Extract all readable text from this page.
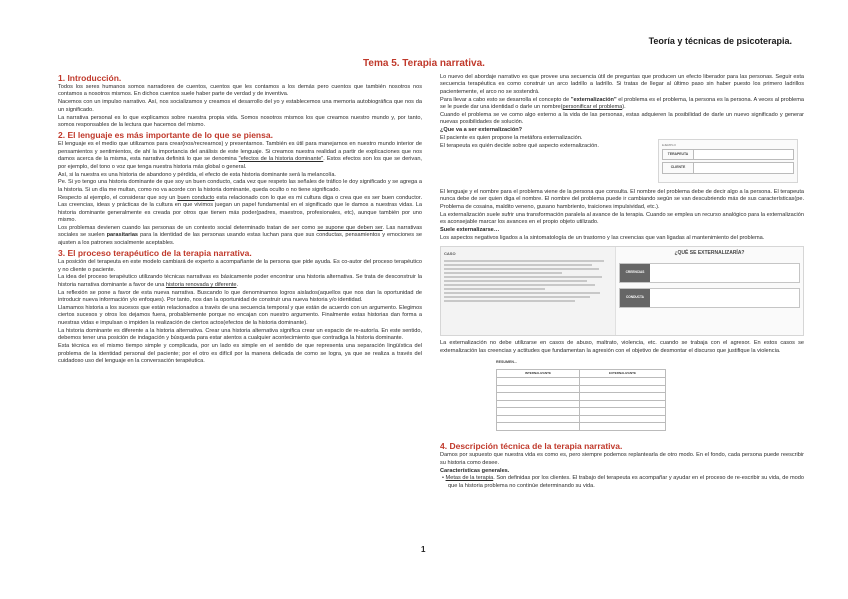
Teoría y técnicas de psicoterapia.
Tema 5. Terapia narrativa.
1. Introducción.

Todos los seres humanos somos narradores de cuentos, cuentos que les contamos a los demás pero cuentos que también nosotros nos contamos a nosotros mismos. En dichos cuentos suele haber parte de verdad y de inventiva.

Nacemos con un impulso narrativo. Así, nos socializamos y creamos el desarrollo del yo y establecemos una memoria autobiográfica que nos da un significado.

La narrativa personal es lo que explicamos sobre nuestra propia vida. Somos nosotros mismos los que creamos nuestro mundo y, por tanto, somos responsables de la lectura que hacemos del mismo.

2. El lenguaje es más importante de lo que se piensa.

El lenguaje es el medio que utilizamos para crear(nos/recrearnos) y presentarnos. También es útil para manejarnos en nuestro mundo interior de pensamientos y sentimientos, de ahí la importancia del análisis de este lenguaje. Si creamos nuestra realidad a partir de explicaciones que nos damos acerca de la misma, esta narrativa definirá lo que se denomina "efectos de la historia dominante". Estos efectos son los que se derivan, por ejemplo, del tono o voz que tenga nuestra historia más global o general.

Así, si la nuestra es una historia de abandono y pérdida, el efecto de esta historia dominante será la melancolía.

Pe. Si yo tengo una historia dominante de que soy un buen conducto, cada vez que respeto las señales de tráfico le doy significado y se agrega a la historia. Si un día me multan, como no va acorde con la historia dominante, queda oculto o no tiene significado.

Respecto al ejemplo, el considerar que soy un buen conducto esta relacionado con lo que es mi cultura diga o crea que es ser buen conductor. Las creencias, ideas y prácticas de la cultura en que vivimos juegan un papel fundamental en el significado que le damos a nuestras vidas. La historia dominante generalmente es creada por otros que tienen más poder(padres, maestros, profesionales, etc), aunque también por uno mismo.

Los problemas devienen cuando las personas de un contexto social determinado tratan de ser como se supone que deben ser. Las narrativas sociales se suelen parasitarias para la identidad de las personas usando estas luchan para que sus conductas, pensamientos y emociones se ajusten a los patrones socialmente aceptables.

3. El proceso terapéutico de la terapia narrativa.

La posición del terapeuta en este modelo cambiará de experto a acompañante de la persona que pide ayuda. Es co-autor del proceso terapéutico y no cliente o paciente.

La idea del proceso terapéutico utilizando técnicas narrativas es básicamente poder encontrar una historia alternativa. Se trata de desconstruir la historia narrativa dominante a favor de una historia renovada y diferente.

La reflexión se pone a favor de esta nueva narrativa. Buscando lo que denominamos logros aislados(aquellos que nos dan la oportunidad de introducir nueva información y/o enfoques). Por tanto, nos dan la oportunidad de construir una nueva historia y/o identidad.

Llamamos historia a los sucesos que están relacionados a través de una secuencia temporal y que están de acuerdo con un argumento. Elegimos ciertos sucesos y otros los dejamos fuera, probablemente porque no encajan con nuestro argumento. Finalmente estas historias dan forma a nuestras vidas e impulsan o impiden la realización de ciertos actos(efectos de la historia dominante).

La historia dominante es diferente a la historia alternativa. Crear una historia alternativa significa crear un espacio de re-autoría. En este sentido, debemos tener una posición de indagación y búsqueda para estar atentos a cualquier acontecimiento que contradiga la historia dominante.

Esta técnica es el mismo tiempo simple y complicada, por un lado es simple en el sentido de que representa una separación lingüística del problema de la identidad personal del paciente; por el otro es difícil por la manera delicada de como se logra, ya que se realiza a través del cuidadoso uso del lenguaje en la conversación terapéutica.

Lo nuevo del abordaje narrativo es que provee una secuencia útil de preguntas que producen un efecto liberador para las personas. Seguir esta secuencia terapéutica es como construir un arco ladrillo a ladrillo. Si tratas de llegar al último paso sin haber puesto los primero ladrillos pacientemente, el arco no se sostendrá.

Para llevar a cabo esto se desarrolla el concepto de "externalización" el problema es el problema, la persona es la persona. A veces al problema se le puede dar una identidad o darle un nombre(personificar el problema).

Cuando el problema se ve como algo externo a la vida de las personas, estas adquieren la posibilidad de darle un nuevo significado y generar nuevas posibilidades de solución.

¿Que va a ser externalización?

El paciente es quien propone la metáfora externalización.

El terapeuta es quién decide sobre qué aspecto externalización.	EJEMPLO
TERAPEUTA
CLIENTE

El lenguaje y el nombre para el problema viene de la persona que consulta. El nombre del problema debe de decir algo a la persona. El terapeuta nunca debe de ser quien diga el nombre. El nombre del problema puede ir cambiando según se van descubriendo más de sus características(pe. Problema de cosaina, maldito veneno, gusano hambriento, traiciones impulsividad, etc.).

La externalización suele sufrir una transformación paralela al avance de la terapia. Cuando se emplea un recurso analógico para la externalización es aconsejable marcar los avances en el propio objeto utilizado.

Suele externalizarse…

Los aspectos negativos ligados a la sintomatología de un trastorno y las creencias que van ligadas al mantenimiento del problema.

CASO	¿QUÉ SE EXTERNALIZARÍA?
CREENCIAS
CONDUCTA

La externalización no debe utilizarse en casos de abuso, maltrato, violencia, etc. cuando se trabaja con el agresor. En estos casos se externalización las creencias y actitudes que fundamentan la agresión con el objetivo de desmontar el discurso que justifique la violencia.

RESUMEN...
INTERNALIZANTE	EXTERNALIZANTE

4. Descripción técnica de la terapia narrativa.

Damos por supuesto que nuestra vida es como es, pero siempre podemos replantearla de otro modo. En el fondo, cada persona puede reescribir su historia como desee.

Características generales.

• Metas de la terapia. Son definidas por los clientes. El trabajo del terapeuta es acompañar y ayudar en el proceso de re-escribir su vida, de modo que la historia problema no continúe determinando su vida.

1
